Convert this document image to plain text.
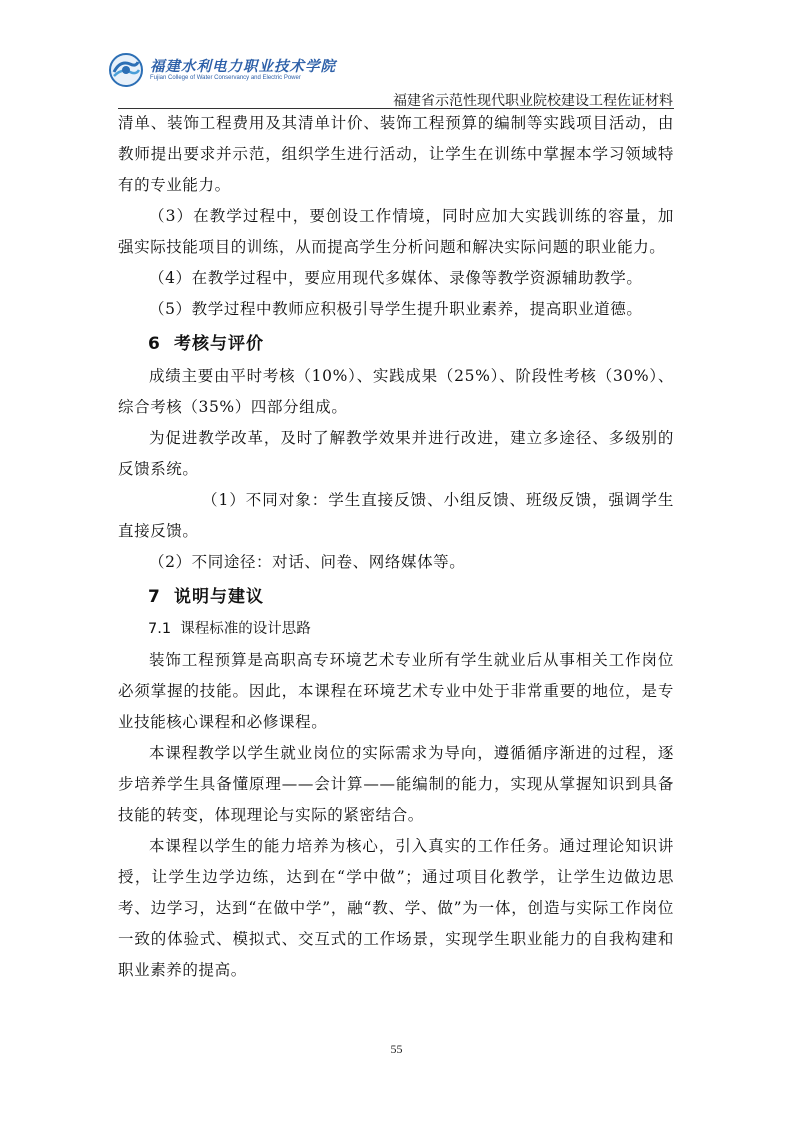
福建水利电力职业技术学院
Fujian College of Water Conservancy and Electric Power
福建省示范性现代职业院校建设工程佐证材料

清单、装饰工程费用及其清单计价、装饰工程预算的编制等实践项目活动，由教师提出要求并示范，组织学生进行活动，让学生在训练中掌握本学习领域特有的专业能力。

（3）在教学过程中，要创设工作情境，同时应加大实践训练的容量，加强实际技能项目的训练，从而提高学生分析问题和解决实际问题的职业能力。

（4）在教学过程中，要应用现代多媒体、录像等教学资源辅助教学。

（5）教学过程中教师应积极引导学生提升职业素养，提高职业道德。

6 考核与评价

成绩主要由平时考核（10%）、实践成果（25%）、阶段性考核（30%）、综合考核（35%）四部分组成。

为促进教学改革，及时了解教学效果并进行改进，建立多途径、多级别的反馈系统。

（1）不同对象：学生直接反馈、小组反馈、班级反馈，强调学生直接反馈。

（2）不同途径：对话、问卷、网络媒体等。

7 说明与建议
7.1 课程标准的设计思路

装饰工程预算是高职高专环境艺术专业所有学生就业后从事相关工作岗位必须掌握的技能。因此，本课程在环境艺术专业中处于非常重要的地位，是专业技能核心课程和必修课程。

本课程教学以学生就业岗位的实际需求为导向，遵循循序渐进的过程，逐步培养学生具备懂原理——会计算——能编制的能力，实现从掌握知识到具备技能的转变，体现理论与实际的紧密结合。

本课程以学生的能力培养为核心，引入真实的工作任务。通过理论知识讲授，让学生边学边练，达到在“学中做”；通过项目化教学，让学生边做边思考、边学习，达到“在做中学”，融“教、学、做”为一体，创造与实际工作岗位一致的体验式、模拟式、交互式的工作场景，实现学生职业能力的自我构建和职业素养的提高。

55
